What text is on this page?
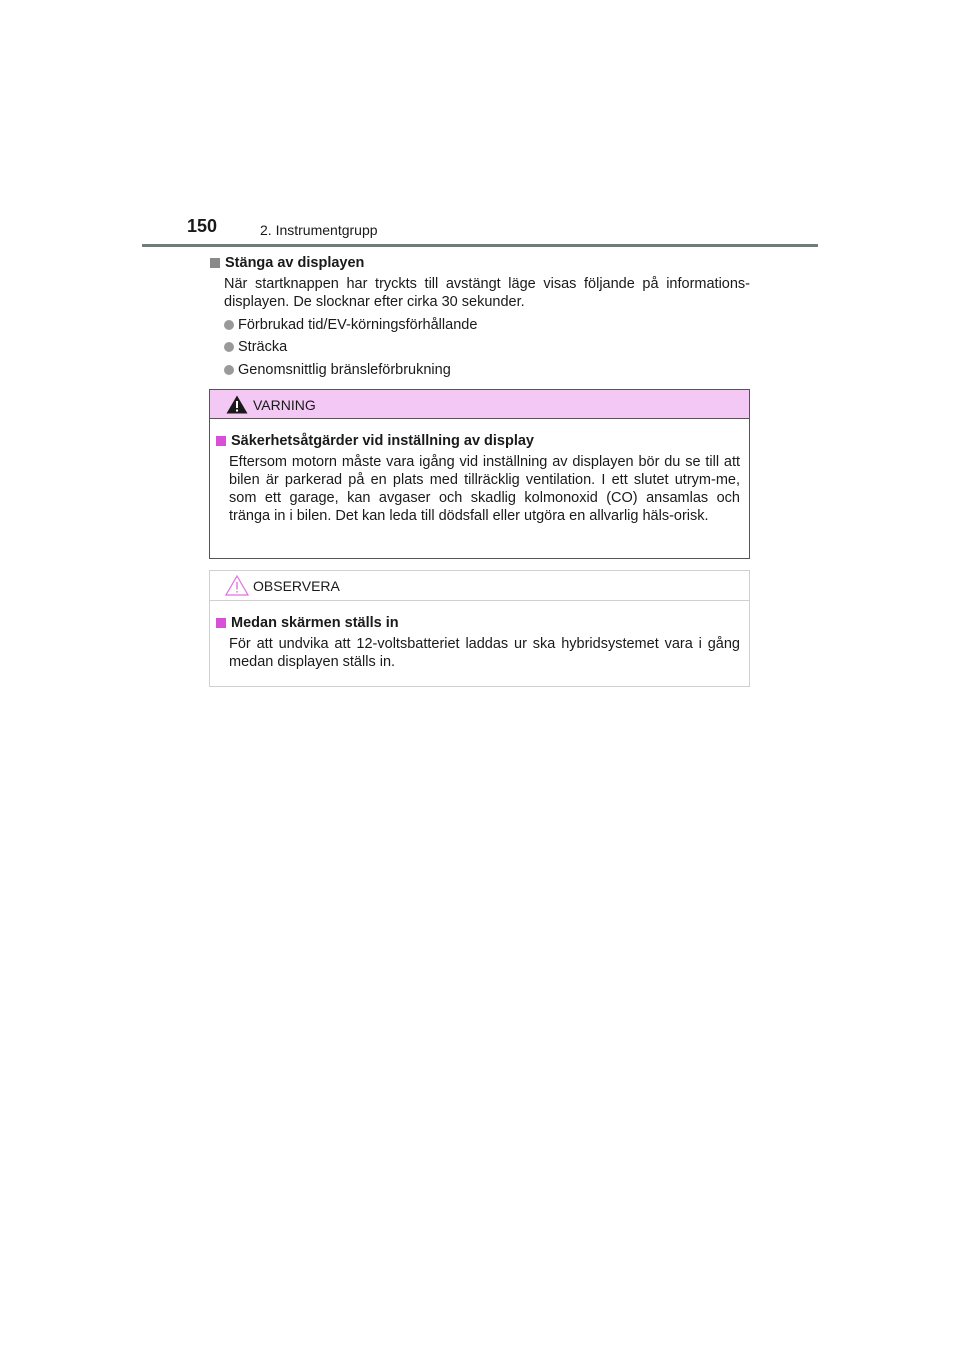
150	2. Instrumentgrupp
Stänga av displayen
När startknappen har tryckts till avstängt läge visas följande på informations-displayen. De slocknar efter cirka 30 sekunder.
Förbrukad tid/EV-körningsförhållande
Sträcka
Genomsnittlig bränsleförbrukning
VARNING
Säkerhetsåtgärder vid inställning av display
Eftersom motorn måste vara igång vid inställning av displayen bör du se till att bilen är parkerad på en plats med tillräcklig ventilation. I ett slutet utrym-me, som ett garage, kan avgaser och skadlig kolmonoxid (CO) ansamlas och tränga in i bilen. Det kan leda till dödsfall eller utgöra en allvarlig häls-orisk.
OBSERVERA
Medan skärmen ställs in
För att undvika att 12-voltsbatteriet laddas ur ska hybridsystemet vara i gång medan displayen ställs in.
